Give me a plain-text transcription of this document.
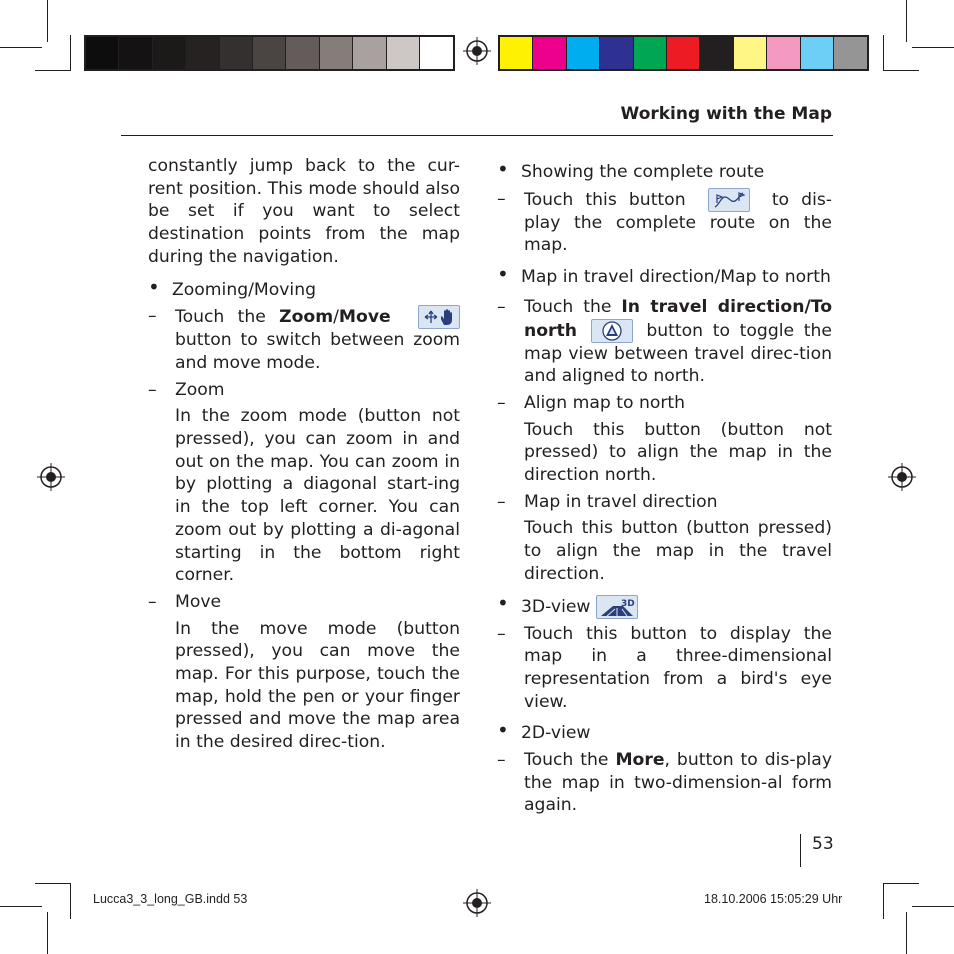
Working with the Map

constantly jump back to the cur-rent position. This mode should also be set if you want to select destination points from the map during the navigation.

• Zooming/Moving
– Touch the Zoom/Move  button to switch between zoom and move mode.
– Zoom
In the zoom mode (button not pressed), you can zoom in and out on the map. You can zoom in by plotting a diagonal start-ing in the top left corner. You can zoom out by plotting a di-agonal starting in the bottom right corner.
– Move
In the move mode (button pressed), you can move the map. For this purpose, touch the map, hold the pen or your finger pressed and move the map area in the desired direc-tion.
• Showing the complete route
– Touch this button	to dis-play the complete route on the map.
• Map in travel direction/Map to north
– Touch the In travel direction/To north	button to toggle the map view between travel direc-tion and aligned to north.
– Align map to north
Touch this button (button not pressed) to align the map in the direction north.
– Map in travel direction
Touch this button (button pressed) to align the map in the travel direction.
• 3D-view	3D
– Touch this button to display the map in a three-dimensional representation from a bird's eye view.
• 2D-view
– Touch the More, button to dis-play the map in two-dimension-al form again.
53
Lucca3_3_long_GB.indd 53	18.10.2006 15:05:29 Uhr
